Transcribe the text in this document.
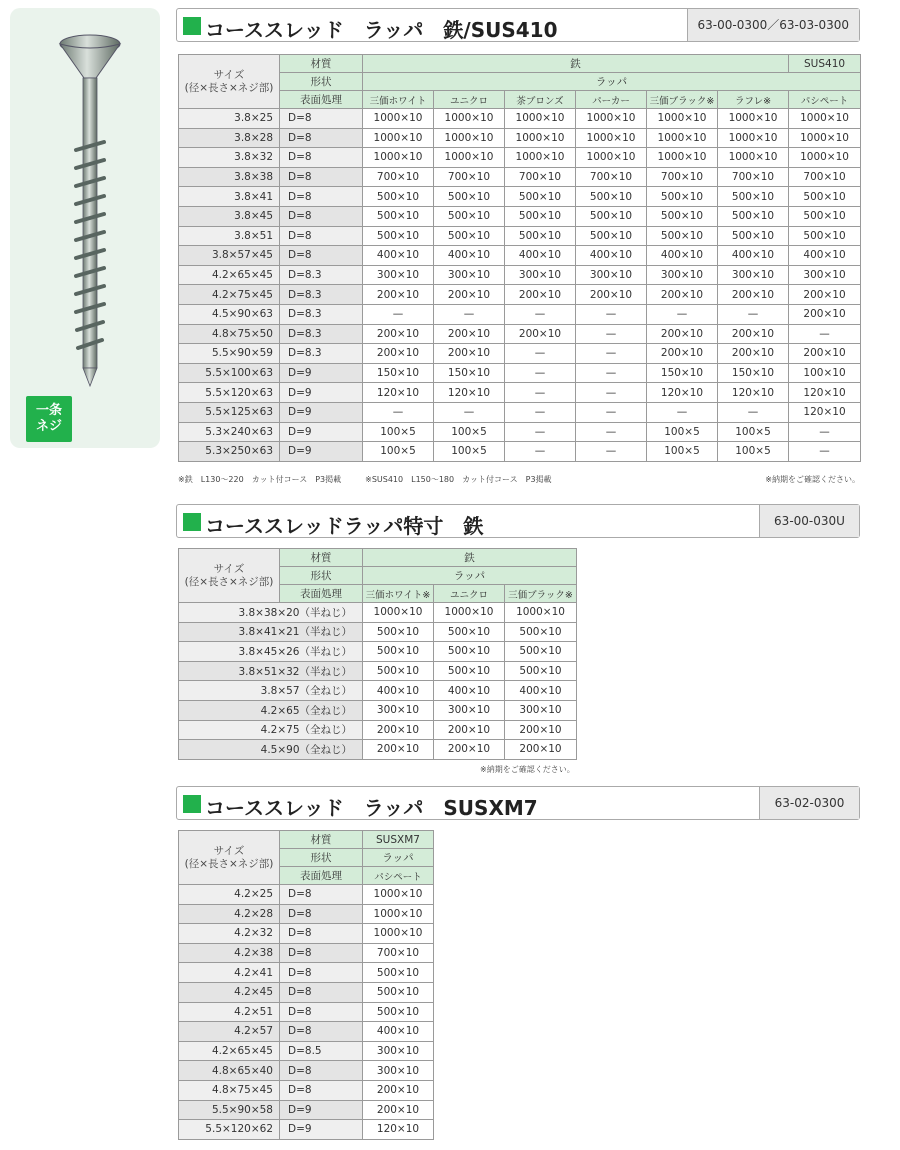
一条
ネジ
コーススレッド　ラッパ　鉄/SUS410	63-00-0300／63-03-0300
サイズ
(径×長さ×ネジ部)	材質	鉄						SUS410
	形状	ラッパ						
	表面処理	三価ホワイト	ユニクロ	茶ブロンズ	パーカー	三価ブラック※	ラフレ※	パシペート
3.8×25	D=8	1000×10	1000×10	1000×10	1000×10	1000×10	1000×10	1000×10
3.8×28	D=8	1000×10	1000×10	1000×10	1000×10	1000×10	1000×10	1000×10
3.8×32	D=8	1000×10	1000×10	1000×10	1000×10	1000×10	1000×10	1000×10
3.8×38	D=8	700×10	700×10	700×10	700×10	700×10	700×10	700×10
3.8×41	D=8	500×10	500×10	500×10	500×10	500×10	500×10	500×10
3.8×45	D=8	500×10	500×10	500×10	500×10	500×10	500×10	500×10
3.8×51	D=8	500×10	500×10	500×10	500×10	500×10	500×10	500×10
3.8×57×45	D=8	400×10	400×10	400×10	400×10	400×10	400×10	400×10
4.2×65×45	D=8.3	300×10	300×10	300×10	300×10	300×10	300×10	300×10
4.2×75×45	D=8.3	200×10	200×10	200×10	200×10	200×10	200×10	200×10
4.5×90×63	D=8.3	—	—	—	—	—	—	200×10
4.8×75×50	D=8.3	200×10	200×10	200×10	—	200×10	200×10	—
5.5×90×59	D=8.3	200×10	200×10	—	—	200×10	200×10	200×10
5.5×100×63	D=9	150×10	150×10	—	—	150×10	150×10	100×10
5.5×120×63	D=9	120×10	120×10	—	—	120×10	120×10	120×10
5.5×125×63	D=9	—	—	—	—	—	—	120×10
5.3×240×63	D=9	100×5	100×5	—	—	100×5	100×5	—
5.3×250×63	D=9	100×5	100×5	—	—	100×5	100×5	—
※鉄　L130〜220　カット付コース　P3掲載　　　※SUS410　L150〜180　カット付コース　P3掲載	※納期をご確認ください。
コーススレッドラッパ特寸　鉄	63-00-030U
サイズ
(径×長さ×ネジ部)	材質	鉄		
	形状	ラッパ		
	表面処理	三価ホワイト※	ユニクロ	三価ブラック※
3.8×38×20（半ねじ）		1000×10	1000×10	1000×10
3.8×41×21（半ねじ）		500×10	500×10	500×10
3.8×45×26（半ねじ）		500×10	500×10	500×10
3.8×51×32（半ねじ）		500×10	500×10	500×10
3.8×57（全ねじ）		400×10	400×10	400×10
4.2×65（全ねじ）		300×10	300×10	300×10
4.2×75（全ねじ）		200×10	200×10	200×10
4.5×90（全ねじ）		200×10	200×10	200×10
※納期をご確認ください。
コーススレッド　ラッパ　SUSXM7	63-02-0300
サイズ
(径×長さ×ネジ部)	材質	SUSXM7
	形状	ラッパ
	表面処理	パシペート
4.2×25	D=8	1000×10
4.2×28	D=8	1000×10
4.2×32	D=8	1000×10
4.2×38	D=8	700×10
4.2×41	D=8	500×10
4.2×45	D=8	500×10
4.2×51	D=8	500×10
4.2×57	D=8	400×10
4.2×65×45	D=8.5	300×10
4.8×65×40	D=8	300×10
4.8×75×45	D=8	200×10
5.5×90×58	D=9	200×10
5.5×120×62	D=9	120×10
